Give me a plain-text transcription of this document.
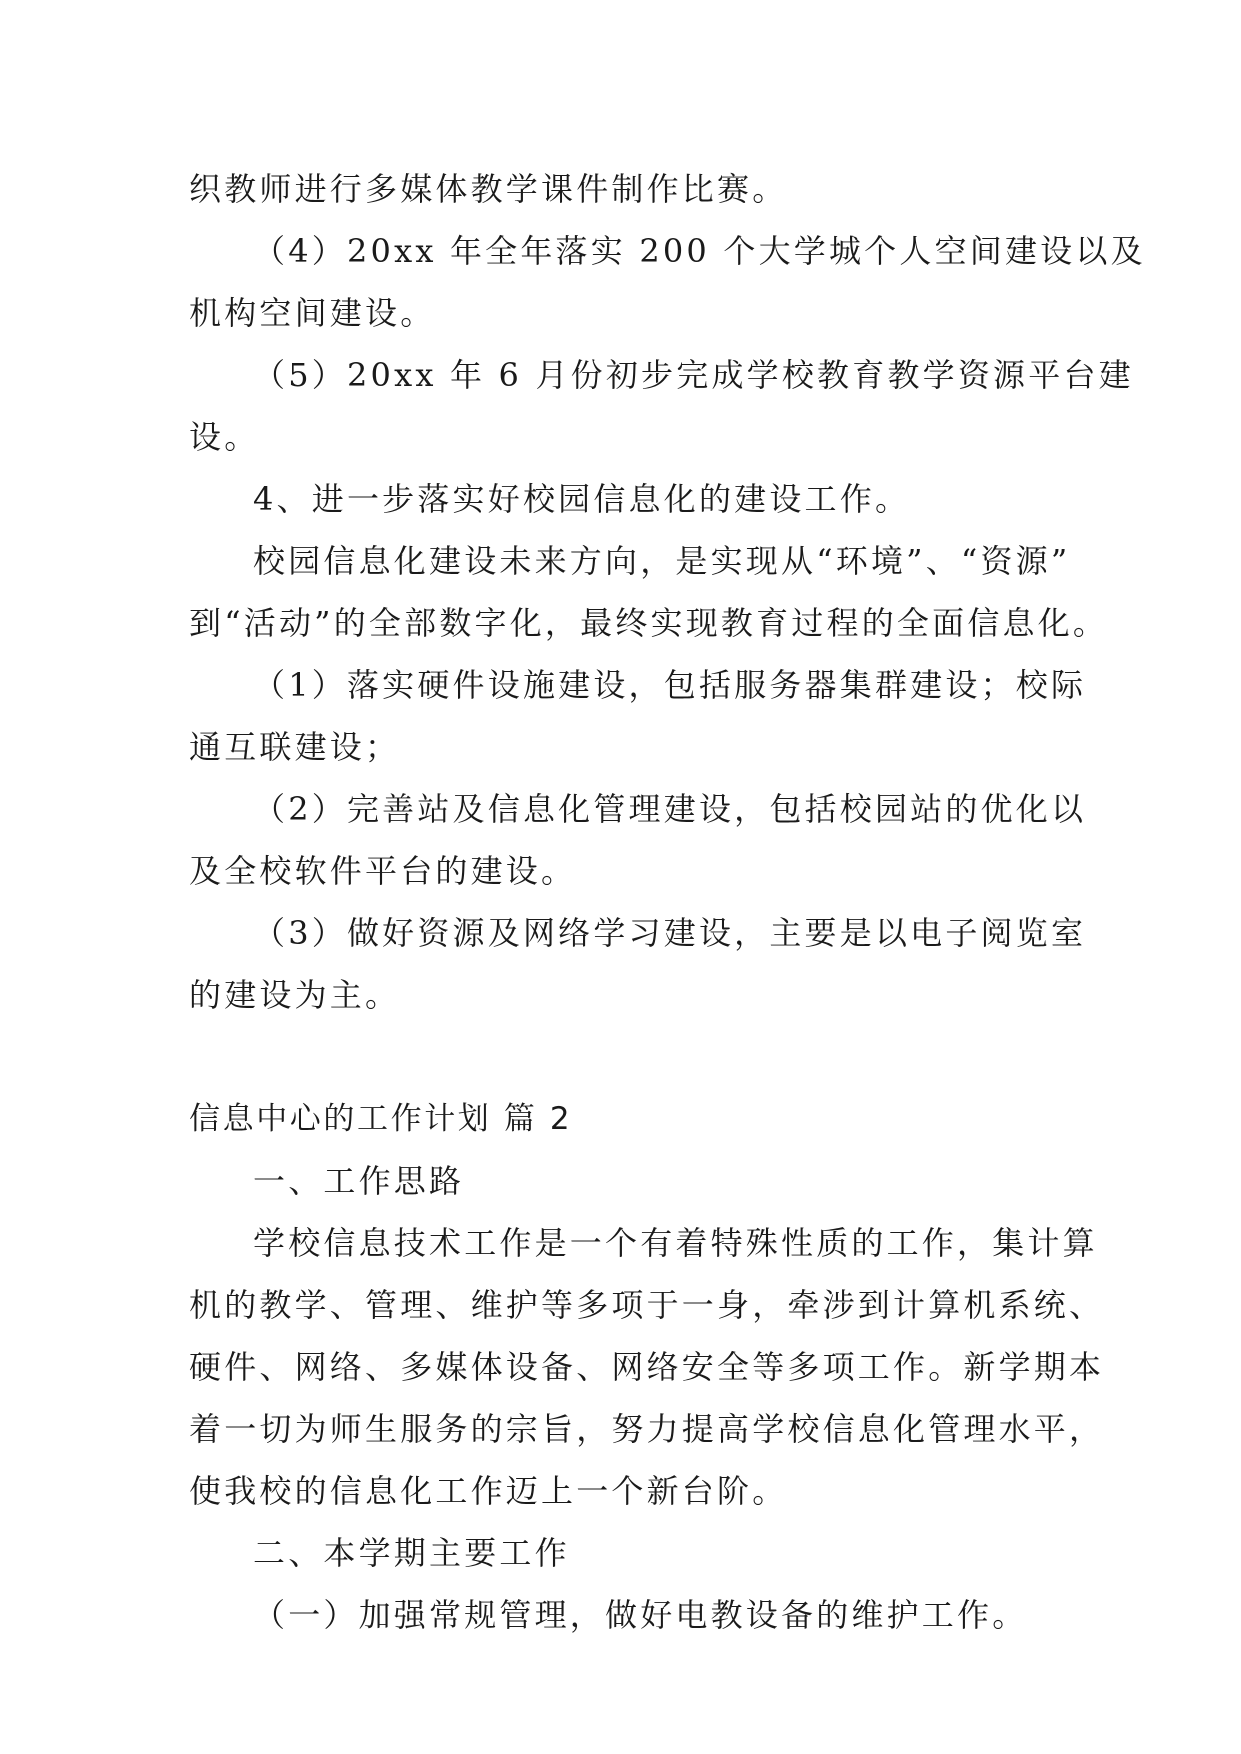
织教师进行多媒体教学课件制作比赛。

（4）20xx 年全年落实 200 个大学城个人空间建设以及

机构空间建设。

（5）20xx 年 6 月份初步完成学校教育教学资源平台建

设。

4、进一步落实好校园信息化的建设工作。

校园信息化建设未来方向，是实现从“环境”、“资源”

到“活动”的全部数字化，最终实现教育过程的全面信息化。

（1）落实硬件设施建设，包括服务器集群建设；校际

通互联建设；

（2）完善站及信息化管理建设，包括校园站的优化以

及全校软件平台的建设。

（3）做好资源及网络学习建设，主要是以电子阅览室

的建设为主。

信息中心的工作计划 篇 2

一、工作思路

学校信息技术工作是一个有着特殊性质的工作，集计算

机的教学、管理、维护等多项于一身，牵涉到计算机系统、

硬件、网络、多媒体设备、网络安全等多项工作。新学期本

着一切为师生服务的宗旨，努力提高学校信息化管理水平，

使我校的信息化工作迈上一个新台阶。

二、本学期主要工作

（一）加强常规管理，做好电教设备的维护工作。
